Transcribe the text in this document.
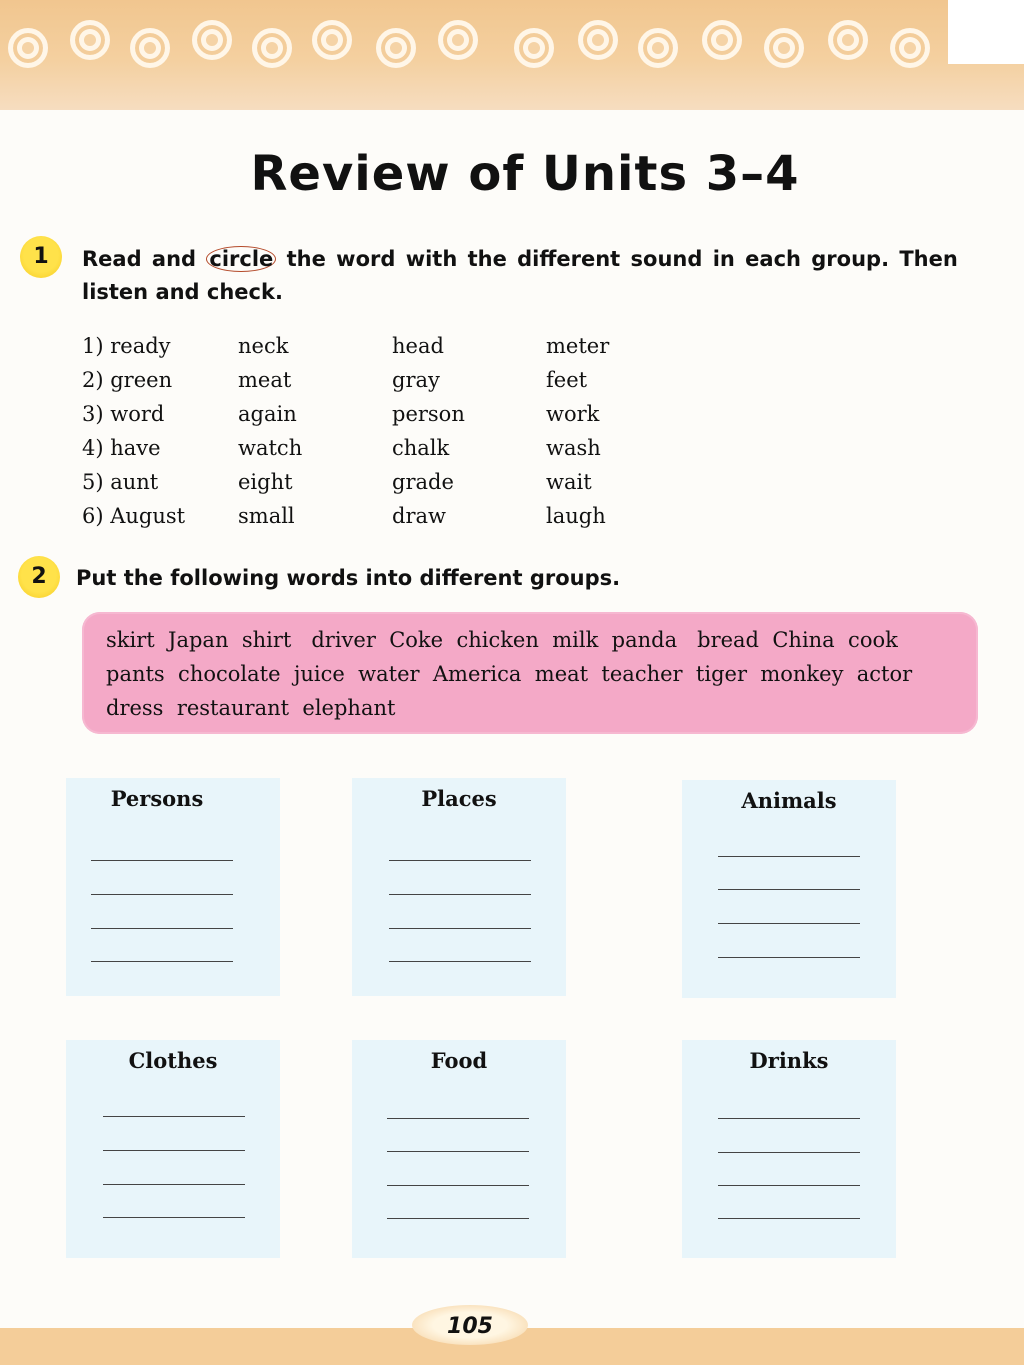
Review of Units 3–4
1	Read and circle the word with the different sound in each group. Then
listen and check.
1) ready	neck	head	meter
2) green	meat	gray	feet
3) word	again	person	work
4) have	watch	chalk	wash
5) aunt	eight	grade	wait
6) August	small	draw	laugh
2	Put the following words into different groups.
skirt  Japan  shirt   driver  Coke  chicken  milk  panda   bread  China  cook
pants  chocolate  juice  water  America  meat  teacher  tiger  monkey  actor
dress  restaurant  elephant
Persons	Places	Animals
Clothes	Food	Drinks
105
